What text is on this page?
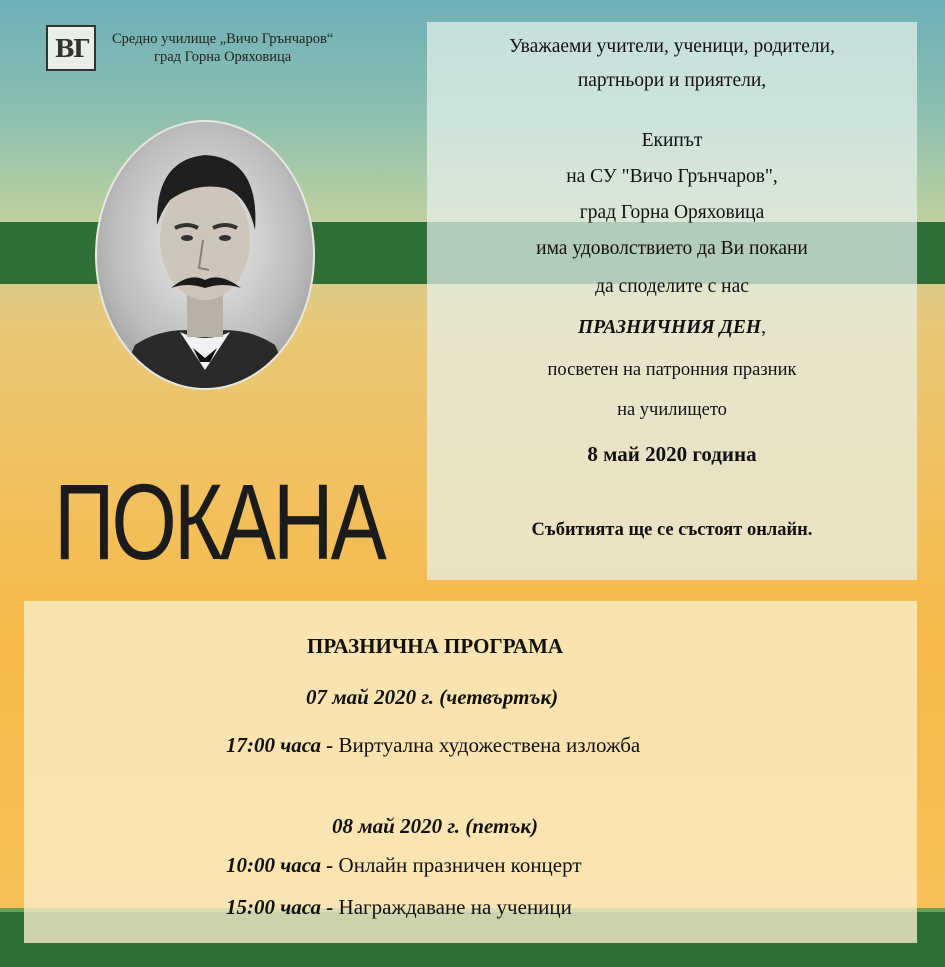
ВГ	Средно училище „Вичо Грънчаров“
град Горна Оряховица
ПОКАНА
Уважаеми учители, ученици, родители,
партньори и приятели,
Екипът
на СУ "Вичо Грънчаров",
град Горна Оряховица
има удоволствието да Ви покани
да споделите с нас
ПРАЗНИЧНИЯ ДЕН,
посветен на патронния празник
на училището
8 май 2020 година
Събитията ще се състоят онлайн.
ПРАЗНИЧНА ПРОГРАМА
07 май 2020 г. (четвъртък)
17:00 часа - Виртуална художествена изложба
08 май 2020 г. (петък)
10:00 часа - Онлайн празничен концерт
15:00 часа - Награждаване на ученици
